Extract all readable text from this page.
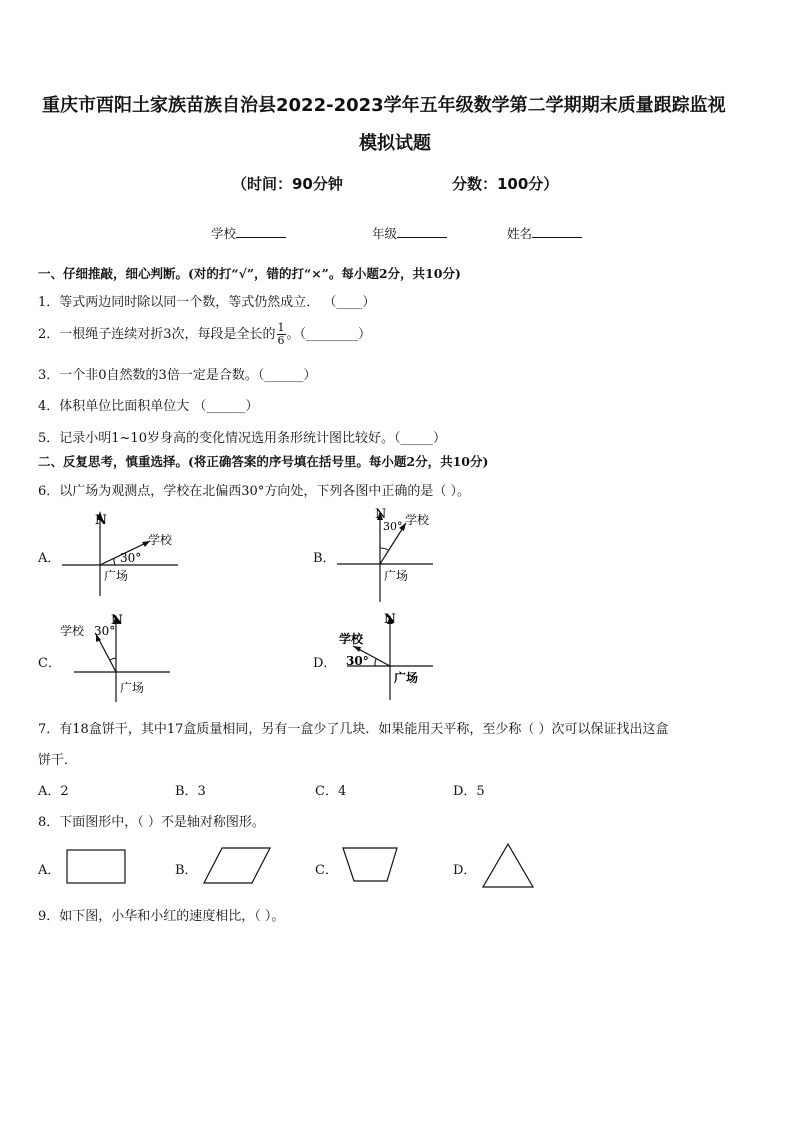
重庆市酉阳土家族苗族自治县2022-2023学年五年级数学第二学期期末质量跟踪监视
模拟试题
（时间：90分钟	分数：100分）
学校	年级	姓名
一、仔细推敲，细心判断。(对的打“√”，错的打“×”。每小题2分，共10分)
1．等式两边同时除以同一个数，等式仍然成立． （____）
2．一根绳子连续对折3次，每段是全长的 $\frac{1}{6}$ 。（________）
3．一个非0自然数的3倍一定是合数。（______）
4．体积单位比面积单位大 （______）
5．记录小明1~10岁身高的变化情况选用条形统计图比较好。（_____）
二、反复思考，慎重选择。(将正确答案的序号填在括号里。每小题2分，共10分)
6．以广场为观测点，学校在北偏西30°方向处，下列各图中正确的是（ ）。
A．
N
学校
30°
广场
B．
N
30° 学校
广场
C．
N
学校 30°
广场
D．
N
学校
30°
广场
7．有18盒饼干，其中17盒质量相同，另有一盒少了几块．如果能用天平称，至少称（ ）次可以保证找出这盒
饼干．
A．2	B．3	C．4	D．5
8．下面图形中，（ ）不是轴对称图形。
A．	B．	C．	D．
9．如下图，小华和小红的速度相比，（ ）。
